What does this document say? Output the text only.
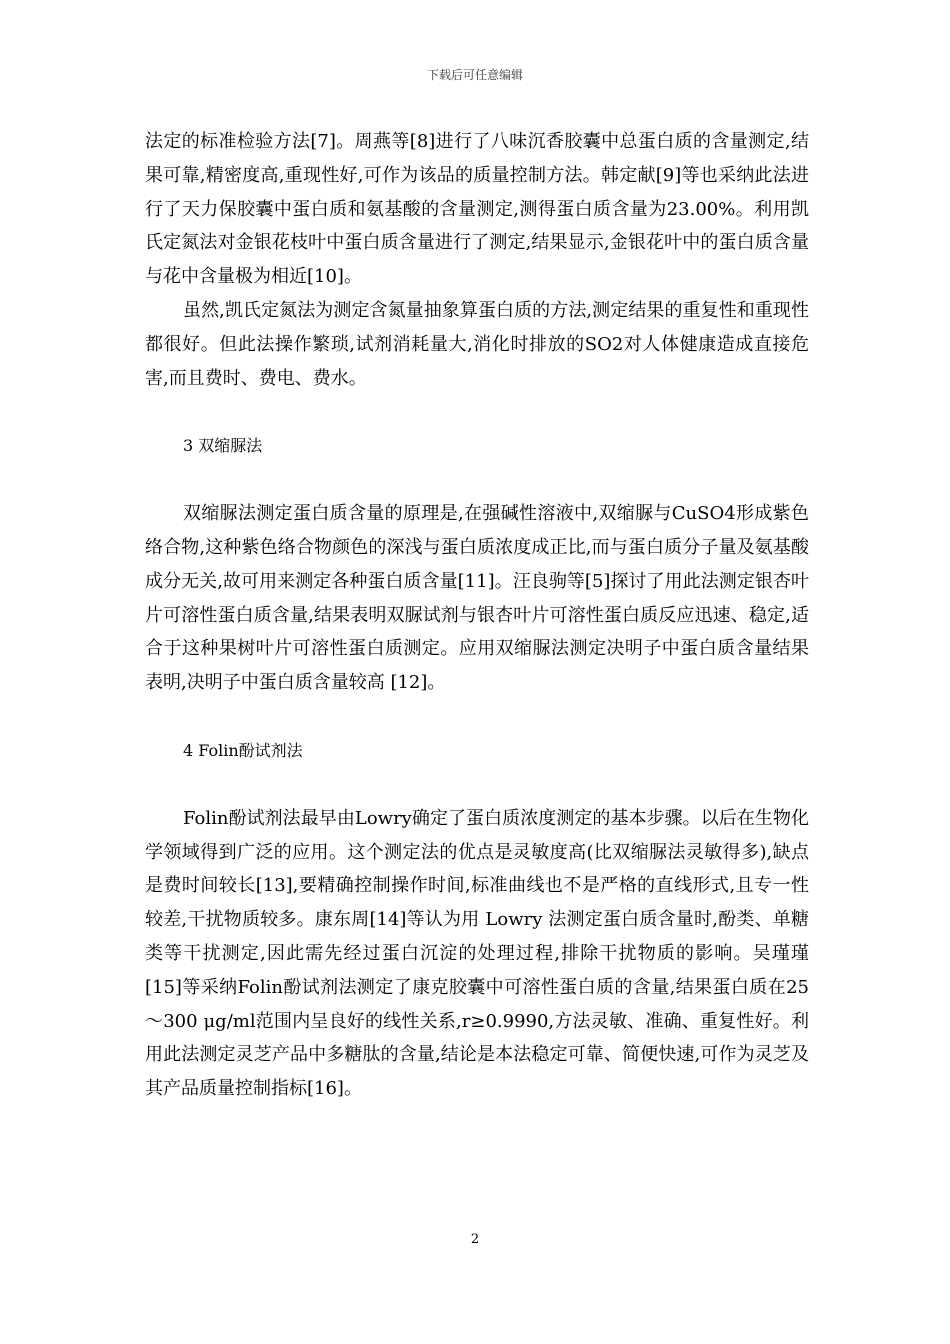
下载后可任意编辑

法定的标准检验方法[7]。周燕等[8]进行了八味沉香胶囊中总蛋白质的含量测定,结果可靠,精密度高,重现性好,可作为该品的质量控制方法。韩定献[9]等也采纳此法进行了天力保胶囊中蛋白质和氨基酸的含量测定,测得蛋白质含量为23.00%。利用凯氏定氮法对金银花枝叶中蛋白质含量进行了测定,结果显示,金银花叶中的蛋白质含量与花中含量极为相近[10]。

虽然,凯氏定氮法为测定含氮量抽象算蛋白质的方法,测定结果的重复性和重现性都很好。但此法操作繁琐,试剂消耗量大,消化时排放的SO2对人体健康造成直接危害,而且费时、费电、费水。

3 双缩脲法

双缩脲法测定蛋白质含量的原理是,在强碱性溶液中,双缩脲与CuSO4形成紫色络合物,这种紫色络合物颜色的深浅与蛋白质浓度成正比,而与蛋白质分子量及氨基酸成分无关,故可用来测定各种蛋白质含量[11]。汪良驹等[5]探讨了用此法测定银杏叶片可溶性蛋白质含量,结果表明双脲试剂与银杏叶片可溶性蛋白质反应迅速、稳定,适合于这种果树叶片可溶性蛋白质测定。应用双缩脲法测定决明子中蛋白质含量结果表明,决明子中蛋白质含量较高 [12]。

4 Folin酚试剂法

Folin酚试剂法最早由Lowry确定了蛋白质浓度测定的基本步骤。以后在生物化学领域得到广泛的应用。这个测定法的优点是灵敏度高(比双缩脲法灵敏得多),缺点是费时间较长[13],要精确控制操作时间,标准曲线也不是严格的直线形式,且专一性较差,干扰物质较多。康东周[14]等认为用 Lowry 法测定蛋白质含量时,酚类、单糖类等干扰测定,因此需先经过蛋白沉淀的处理过程,排除干扰物质的影响。吴瑾瑾 [15]等采纳Folin酚试剂法测定了康克胶囊中可溶性蛋白质的含量,结果蛋白质在25～300 μg/ml范围内呈良好的线性关系,r≥0.9990,方法灵敏、准确、重复性好。利用此法测定灵芝产品中多糖肽的含量,结论是本法稳定可靠、简便快速,可作为灵芝及其产品质量控制指标[16]。

2
